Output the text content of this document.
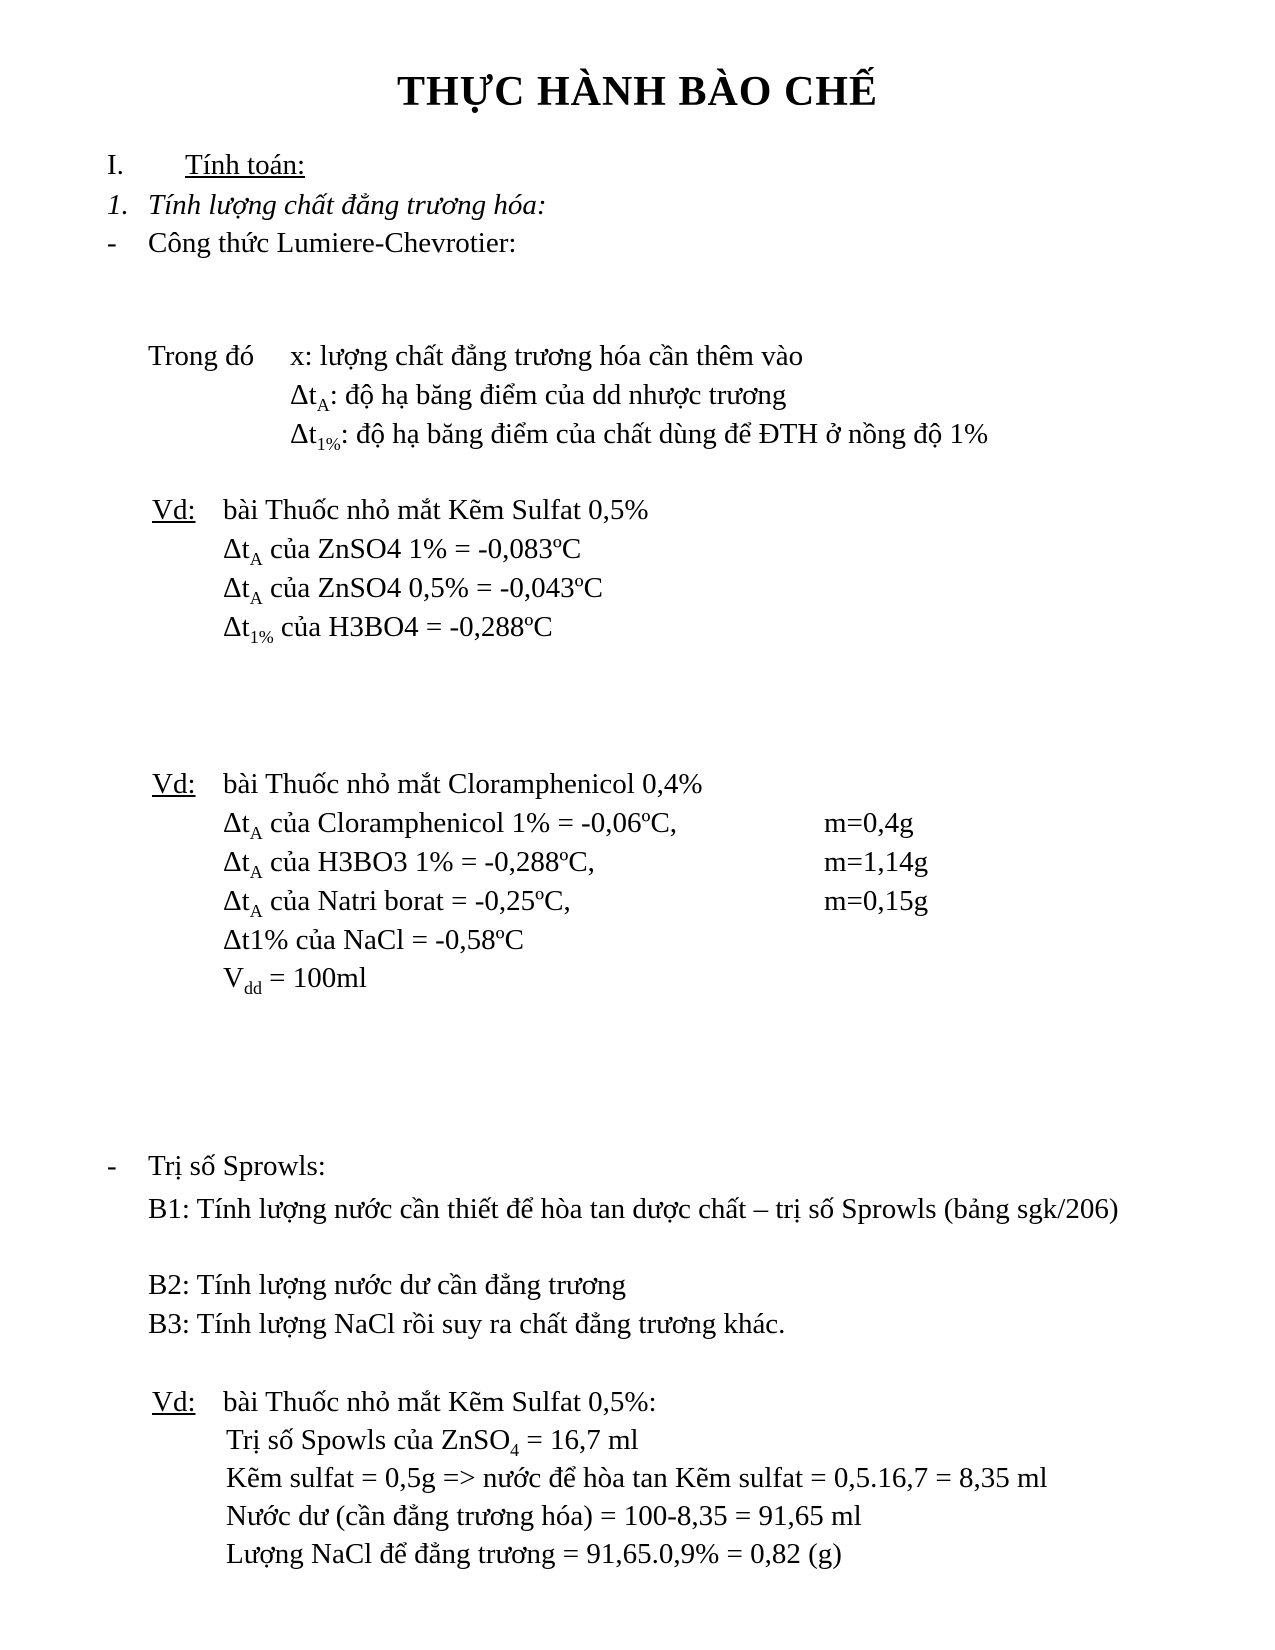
THỰC HÀNH BÀO CHẾ
I. Tính toán:
1. Tính lượng chất đẳng trương hóa:
- Công thức Lumiere-Chevrotier:
Trong đó x: lượng chất đẳng trương hóa cần thêm vào
$\Delta t_A$: độ hạ băng điểm của dd nhược trương
$\Delta t_{1\%}$: độ hạ băng điểm của chất dùng để ĐTH ở nồng độ 1%
Vd: bài Thuốc nhỏ mắt Kẽm Sulfat 0,5%
$\Delta t_A$ của ZnSO4 1% = -0,083ºC
$\Delta t_A$ của ZnSO4 0,5% = -0,043ºC
$\Delta t_{1\%}$ của H3BO4 = -0,288ºC
Vd: bài Thuốc nhỏ mắt Cloramphenicol 0,4%
$\Delta t_A$ của Cloramphenicol 1% = -0,06ºC,	m=0,4g
$\Delta t_A$ của H3BO3 1% = -0,288ºC,	m=1,14g
$\Delta t_A$ của Natri borat = -0,25ºC,	m=0,15g
Δt1% của NaCl = -0,58ºC
$V_{dd} = 100ml$
- Trị số Sprowls:
B1: Tính lượng nước cần thiết để hòa tan dược chất – trị số Sprowls (bảng sgk/206)
B2: Tính lượng nước dư cần đẳng trương
B3: Tính lượng NaCl rồi suy ra chất đẳng trương khác.
Vd: bài Thuốc nhỏ mắt Kẽm Sulfat 0,5%:
Trị số Spowls của ZnSO$_4$ = 16,7 ml
Kẽm sulfat = 0,5g => nước để hòa tan Kẽm sulfat = 0,5.16,7 = 8,35 ml
Nước dư (cần đẳng trương hóa) = 100-8,35 = 91,65 ml
Lượng NaCl để đẳng trương = 91,65.0,9% = 0,82 (g)
